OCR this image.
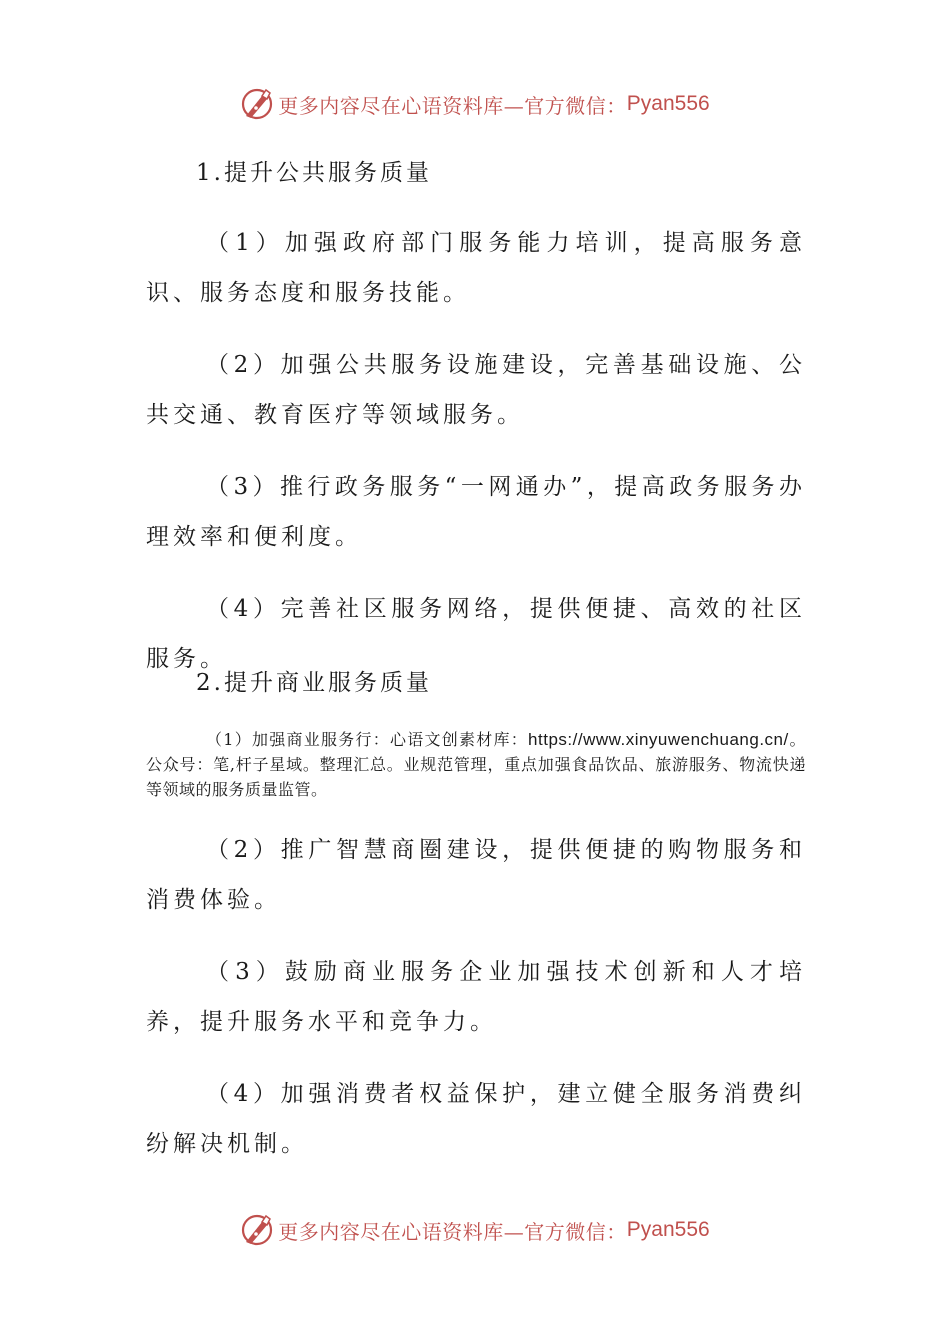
更多内容尽在心语资料库—官方微信： Pyan556
1.提升公共服务质量
（1）加强政府部门服务能力培训，提高服务意识、服务态度和服务技能。
（2）加强公共服务设施建设，完善基础设施、公共交通、教育医疗等领域服务。
（3）推行政务服务“一网通办”，提高政务服务办理效率和便利度。
（4）完善社区服务网络，提供便捷、高效的社区服务。
2.提升商业服务质量
（1）加强商业服务行：心语文创素材库：https://www.xinyuwenchuang.cn/。公众号：笔,杆子星域。整理汇总。业规范管理，重点加强食品饮品、旅游服务、物流快递等领域的服务质量监管。
（2）推广智慧商圈建设，提供便捷的购物服务和消费体验。
（3）鼓励商业服务企业加强技术创新和人才培养，提升服务水平和竞争力。
（4）加强消费者权益保护，建立健全服务消费纠纷解决机制。
更多内容尽在心语资料库—官方微信： Pyan556
